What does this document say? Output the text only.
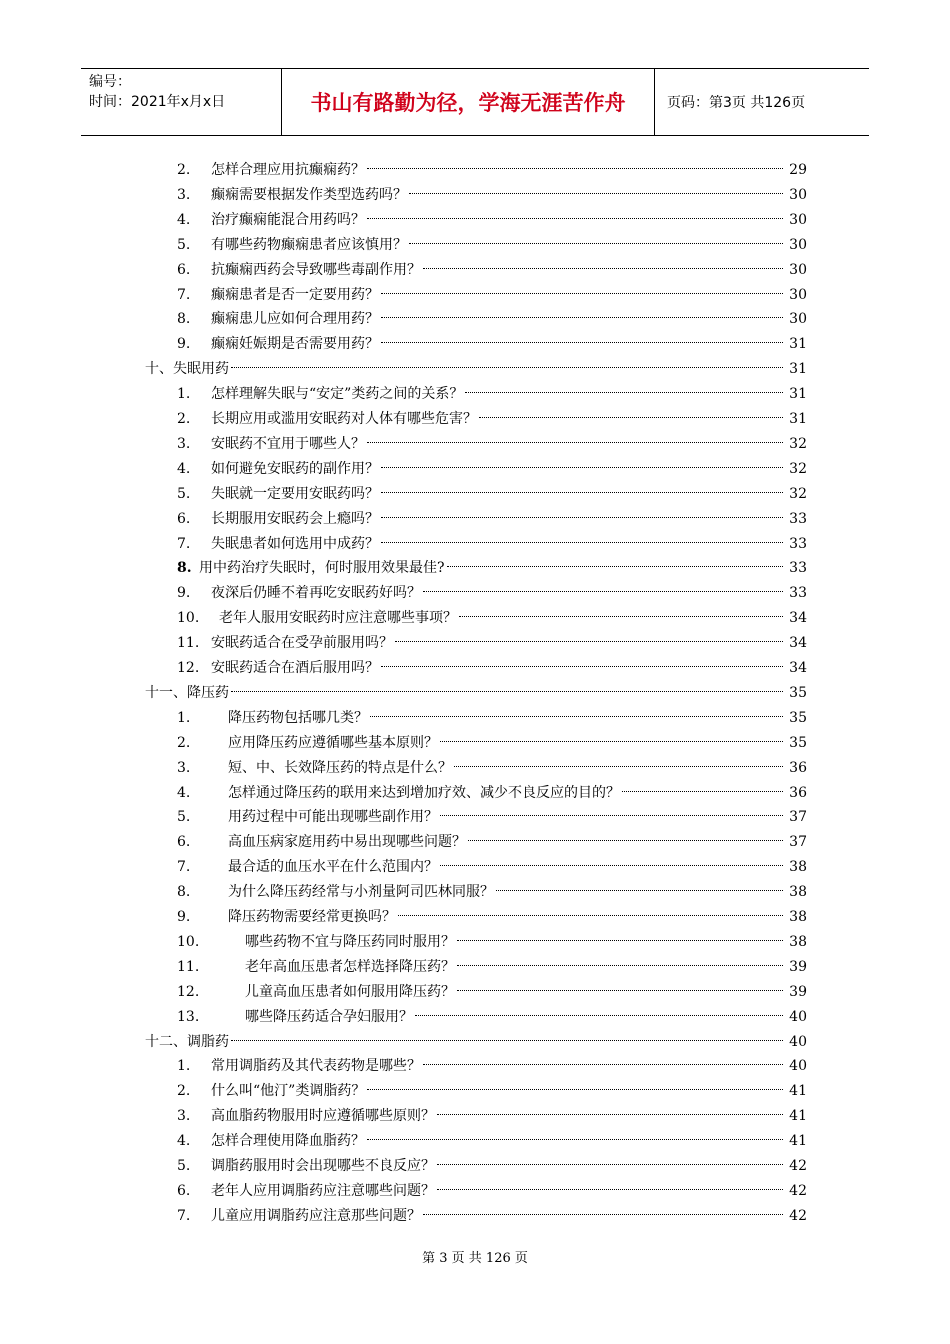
编号：
时间：2021年x月x日	书山有路勤为径，学海无涯苦作舟	页码：第3页 共126页
2.	怎样合理应用抗癫痫药？	29
3.	癫痫需要根据发作类型选药吗？	30
4.	治疗癫痫能混合用药吗？	30
5.	有哪些药物癫痫患者应该慎用？	30
6.	抗癫痫西药会导致哪些毒副作用？	30
7.	癫痫患者是否一定要用药？	30
8.	癫痫患儿应如何合理用药？	30
9.	癫痫妊娠期是否需要用药？	31
十、失眠用药	31
1.	怎样理解失眠与“安定”类药之间的关系？	31
2.	长期应用或滥用安眠药对人体有哪些危害？	31
3.	安眠药不宜用于哪些人？	32
4.	如何避免安眠药的副作用？	32
5.	失眠就一定要用安眠药吗？	32
6.	长期服用安眠药会上瘾吗？	33
7.	失眠患者如何选用中成药？	33
8. 用中药治疗失眠时，何时服用效果最佳?	33
9.	夜深后仍睡不着再吃安眠药好吗？	33
10.	老年人服用安眠药时应注意哪些事项？	34
11. 安眠药适合在受孕前服用吗？	34
12. 安眠药适合在酒后服用吗？	34
十一、降压药	35
1.	降压药物包括哪几类？	35
2.	应用降压药应遵循哪些基本原则？	35
3.	短、中、长效降压药的特点是什么？	36
4.	怎样通过降压药的联用来达到增加疗效、减少不良反应的目的？	36
5.	用药过程中可能出现哪些副作用？	37
6.	高血压病家庭用药中易出现哪些问题？	37
7.	最合适的血压水平在什么范围内？	38
8.	为什么降压药经常与小剂量阿司匹林同服？	38
9.	降压药物需要经常更换吗？	38
10.	哪些药物不宜与降压药同时服用？	38
11.	老年高血压患者怎样选择降压药？	39
12.	儿童高血压患者如何服用降压药？	39
13.	哪些降压药适合孕妇服用？	40
十二、调脂药	40
1.	常用调脂药及其代表药物是哪些？	40
2.	什么叫“他汀”类调脂药？	41
3.	高血脂药物服用时应遵循哪些原则？	41
4.	怎样合理使用降血脂药？	41
5.	调脂药服用时会出现哪些不良反应？	42
6.	老年人应用调脂药应注意哪些问题？	42
7.	儿童应用调脂药应注意那些问题？	42
第 3 页 共 126 页
